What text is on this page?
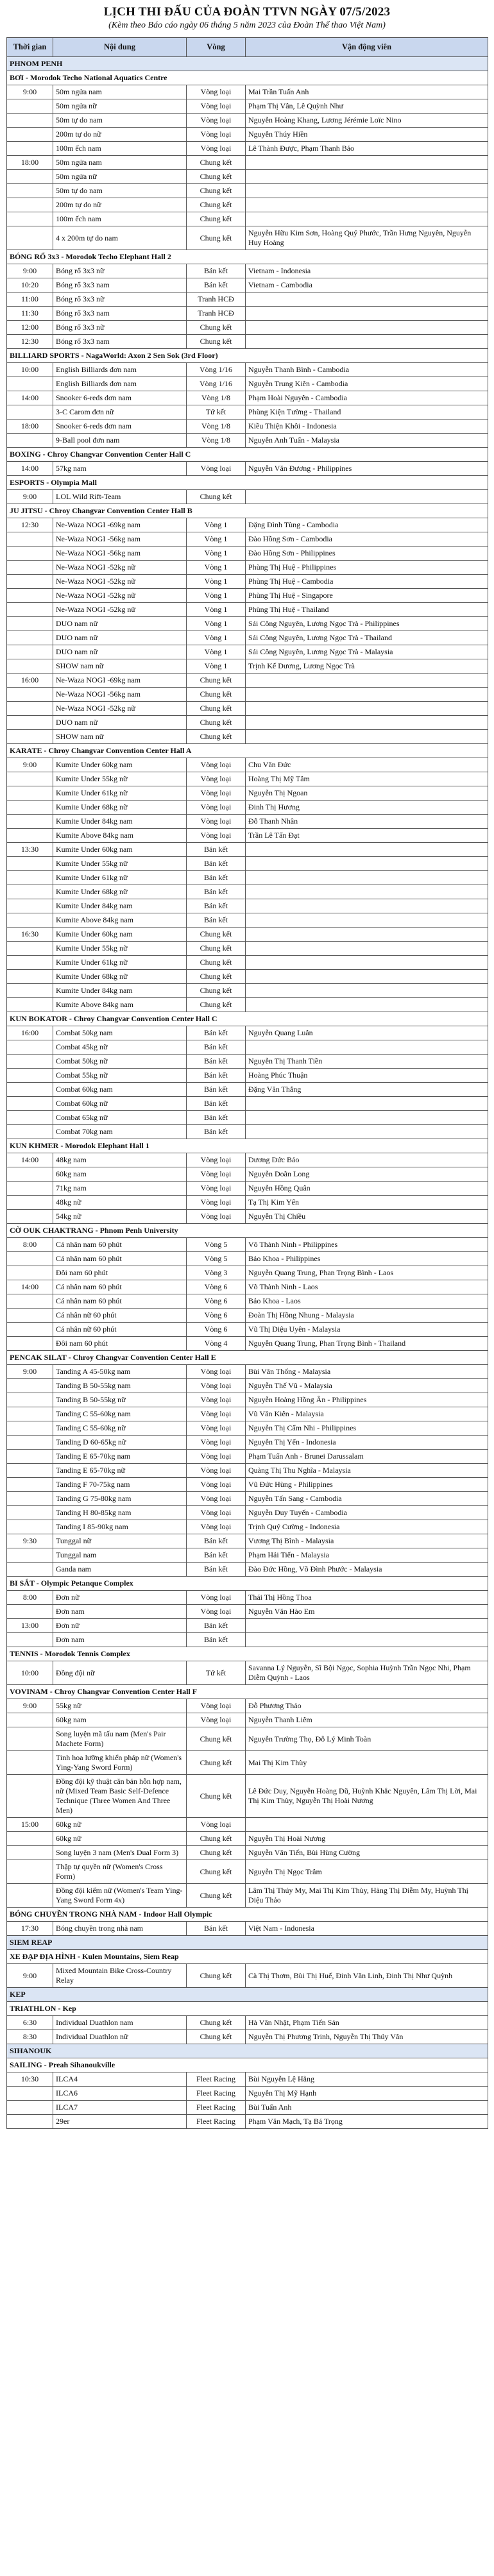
LỊCH THI ĐẤU CỦA ĐOÀN TTVN NGÀY 07/5/2023
(Kèm theo Báo cáo ngày 06 tháng 5 năm 2023 của Đoàn Thể thao Việt Nam)
Thời gian	Nội dung	Vòng	Vận động viên
PHNOM PENH			
BƠI - Morodok Techo National Aquatics Centre			
9:00	50m ngửa nam	Vòng loại	Mai Trần Tuấn Anh
	50m ngửa nữ	Vòng loại	Phạm Thị Vân, Lê Quỳnh Như
	50m tự do nam	Vòng loại	Nguyễn Hoàng Khang, Lương Jérémie Loïc Nino
	200m tự do nữ	Vòng loại	Nguyễn Thúy Hiền
	100m ếch nam	Vòng loại	Lê Thành Được, Phạm Thanh Bảo
18:00	50m ngửa nam	Chung kết	
	50m ngửa nữ	Chung kết	
	50m tự do nam	Chung kết	
	200m tự do nữ	Chung kết	
	100m ếch nam	Chung kết	
	4 x 200m tự do nam	Chung kết	Nguyễn Hữu Kim Sơn, Hoàng Quý Phước, Trần Hưng Nguyên, Nguyễn Huy Hoàng
BÓNG RỔ 3x3 - Morodok Techo Elephant Hall 2			
9:00	Bóng rổ 3x3 nữ	Bán kết	Vietnam - Indonesia
10:20	Bóng rổ 3x3 nam	Bán kết	Vietnam - Cambodia
11:00	Bóng rổ 3x3 nữ	Tranh HCĐ	
11:30	Bóng rổ 3x3 nam	Tranh HCĐ	
12:00	Bóng rổ 3x3 nữ	Chung kết	
12:30	Bóng rổ 3x3 nam	Chung kết	
BILLIARD SPORTS - NagaWorld: Axon 2 Sen Sok (3rd Floor)			
10:00	English Billiards đơn nam	Vòng 1/16	Nguyễn Thanh Bình - Cambodia
	English Billiards đơn nam	Vòng 1/16	Nguyễn Trung Kiên - Cambodia
14:00	Snooker 6-reds đơn nam	Vòng 1/8	Phạm Hoài Nguyên - Cambodia
	3-C Carom đơn nữ	Tứ kết	Phùng Kiện Tường - Thailand
18:00	Snooker 6-reds đơn nam	Vòng 1/8	Kiều Thiện Khôi - Indonesia
	9-Ball pool đơn nam	Vòng 1/8	Nguyễn Anh Tuấn - Malaysia
BOXING - Chroy Changvar Convention Center Hall C			
14:00	57kg nam	Vòng loại	Nguyễn Văn Đương - Philippines
ESPORTS - Olympia Mall			
9:00	LOL Wild Rift-Team	Chung kết	
JU JITSU - Chroy Changvar Convention Center Hall B			
12:30	Ne-Waza NOGI -69kg nam	Vòng 1	Đặng Đình Tùng - Cambodia
	Ne-Waza NOGI -56kg nam	Vòng 1	Đào Hồng Sơn - Cambodia
	Ne-Waza NOGI -56kg nam	Vòng 1	Đào Hồng Sơn - Philippines
	Ne-Waza NOGI -52kg nữ	Vòng 1	Phùng Thị Huệ - Philippines
	Ne-Waza NOGI -52kg nữ	Vòng 1	Phùng Thị Huệ - Cambodia
	Ne-Waza NOGI -52kg nữ	Vòng 1	Phùng Thị Huệ - Singapore
	Ne-Waza NOGI -52kg nữ	Vòng 1	Phùng Thị Huệ - Thailand
	DUO nam nữ	Vòng 1	Sái Công Nguyên, Lương Ngọc Trà - Philippines
	DUO nam nữ	Vòng 1	Sái Công Nguyên, Lương Ngọc Trà - Thailand
	DUO nam nữ	Vòng 1	Sái Công Nguyên, Lương Ngọc Trà - Malaysia
	SHOW nam nữ	Vòng 1	Trịnh Kế Dương, Lương Ngọc Trà
16:00	Ne-Waza NOGI -69kg nam	Chung kết	
	Ne-Waza NOGI -56kg nam	Chung kết	
	Ne-Waza NOGI -52kg nữ	Chung kết	
	DUO nam nữ	Chung kết	
	SHOW nam nữ	Chung kết	
KARATE - Chroy Changvar Convention Center Hall A			
9:00	Kumite Under 60kg nam	Vòng loại	Chu Văn Đức
	Kumite Under 55kg nữ	Vòng loại	Hoàng Thị Mỹ Tâm
	Kumite Under 61kg nữ	Vòng loại	Nguyễn Thị Ngoan
	Kumite Under 68kg nữ	Vòng loại	Đinh Thị Hương
	Kumite Under 84kg nam	Vòng loại	Đỗ Thanh Nhân
	Kumite Above 84kg nam	Vòng loại	Trần Lê Tấn Đạt
13:30	Kumite Under 60kg nam	Bán kết	
	Kumite Under 55kg nữ	Bán kết	
	Kumite Under 61kg nữ	Bán kết	
	Kumite Under 68kg nữ	Bán kết	
	Kumite Under 84kg nam	Bán kết	
	Kumite Above 84kg nam	Bán kết	
16:30	Kumite Under 60kg nam	Chung kết	
	Kumite Under 55kg nữ	Chung kết	
	Kumite Under 61kg nữ	Chung kết	
	Kumite Under 68kg nữ	Chung kết	
	Kumite Under 84kg nam	Chung kết	
	Kumite Above 84kg nam	Chung kết	
KUN BOKATOR - Chroy Changvar Convention Center Hall C			
16:00	Combat 50kg nam	Bán kết	Nguyễn Quang Luân
	Combat 45kg nữ	Bán kết	
	Combat 50kg nữ	Bán kết	Nguyễn Thị Thanh Tiền
	Combat 55kg nữ	Bán kết	Hoàng Phúc Thuận
	Combat 60kg nam	Bán kết	Đặng Văn Thắng
	Combat 60kg nữ	Bán kết	
	Combat 65kg nữ	Bán kết	
	Combat 70kg nam	Bán kết	
KUN KHMER - Morodok Elephant Hall 1			
14:00	48kg nam	Vòng loại	Dương Đức Bảo
	60kg nam	Vòng loại	Nguyễn Doãn Long
	71kg nam	Vòng loại	Nguyễn Hồng Quân
	48kg nữ	Vòng loại	Tạ Thị Kim Yến
	54kg nữ	Vòng loại	Nguyễn Thị Chiều
CỜ OUK CHAKTRANG - Phnom Penh University			
8:00	Cá nhân nam 60 phút	Vòng 5	Võ Thành Ninh - Philippines
	Cá nhân nam 60 phút	Vòng 5	Bảo Khoa - Philippines
	Đôi nam 60 phút	Vòng 3	Nguyễn Quang Trung, Phan Trọng Bình - Laos
14:00	Cá nhân nam 60 phút	Vòng 6	Võ Thành Ninh - Laos
	Cá nhân nam 60 phút	Vòng 6	Bảo Khoa - Laos
	Cá nhân nữ 60 phút	Vòng 6	Đoàn Thị Hồng Nhung - Malaysia
	Cá nhân nữ 60 phút	Vòng 6	Vũ Thị Diệu Uyên - Malaysia
	Đôi nam 60 phút	Vòng 4	Nguyễn Quang Trung, Phan Trọng Bình - Thailand
PENCAK SILAT - Chroy Changvar Convention Center Hall E			
9:00	Tanding A 45-50kg nam	Vòng loại	Bùi Văn Thống - Malaysia
	Tanding B 50-55kg nam	Vòng loại	Nguyễn Thế Vũ - Malaysia
	Tanding B 50-55kg nữ	Vòng loại	Nguyễn Hoàng Hồng Ân - Philippines
	Tanding C 55-60kg nam	Vòng loại	Vũ Văn Kiên - Malaysia
	Tanding C 55-60kg nữ	Vòng loại	Nguyễn Thị Cẩm Nhi - Philippines
	Tanding D 60-65kg nữ	Vòng loại	Nguyễn Thị Yến - Indonesia
	Tanding E 65-70kg nam	Vòng loại	Phạm Tuấn Anh - Brunei Darussalam
	Tanding E 65-70kg nữ	Vòng loại	Quàng Thị Thu Nghĩa - Malaysia
	Tanding F 70-75kg nam	Vòng loại	Vũ Đức Hùng - Philippines
	Tanding G 75-80kg nam	Vòng loại	Nguyễn Tấn Sang - Cambodia
	Tanding H 80-85kg nam	Vòng loại	Nguyễn Duy Tuyến - Cambodia
	Tanding I 85-90kg nam	Vòng loại	Trịnh Quý Cường - Indonesia
9:30	Tunggal nữ	Bán kết	Vương Thị Bình - Malaysia
	Tunggal nam	Bán kết	Phạm Hải Tiến - Malaysia
	Ganda nam	Bán kết	Đào Đức Hồng, Võ Đình Phước - Malaysia
BI SẮT - Olympic Petanque Complex			
8:00	Đơn nữ	Vòng loại	Thái Thị Hồng Thoa
	Đơn nam	Vòng loại	Nguyễn Văn Hào Em
13:00	Đơn nữ	Bán kết	
	Đơn nam	Bán kết	
TENNIS - Morodok Tennis Complex			
10:00	Đồng đội nữ	Tứ kết	Savanna Lý Nguyễn, Sĩ Bội Ngọc, Sophia Huỳnh Trần Ngọc Nhi, Phạm Diễm Quỳnh - Laos
VOVINAM - Chroy Changvar Convention Center Hall F			
9:00	55kg nữ	Vòng loại	Đỗ Phương Thảo
	60kg nam	Vòng loại	Nguyễn Thanh Liêm
	Song luyện mã tấu nam (Men's Pair Machete Form)	Chung kết	Nguyễn Trường Thọ, Đỗ Lý Minh Toàn
	Tinh hoa lưỡng khiển pháp nữ (Women's Ying-Yang Sword Form)	Chung kết	Mai Thị Kim Thùy
	Đồng đội kỹ thuật căn bản hỗn hợp nam, nữ (Mixed Team Basic Self-Defence Technique (Three Women And Three Men)	Chung kết	Lê Đức Duy, Nguyễn Hoàng Dũ, Huỳnh Khắc Nguyên, Lâm Thị Lời, Mai Thị Kim Thùy, Nguyễn Thị Hoài Nương
15:00	60kg nữ	Vòng loại	
	60kg nữ	Chung kết	Nguyễn Thị Hoài Nương
	Song luyện 3 nam (Men's Dual Form 3)	Chung kết	Nguyễn Văn Tiến, Bùi Hùng Cường
	Thập tự quyền nữ (Women's Cross Form)	Chung kết	Nguyễn Thị Ngọc Trâm
	Đồng đội kiếm nữ (Women's Team Ying-Yang Sword Form 4x)	Chung kết	Lâm Thị Thúy My, Mai Thị Kim Thùy, Hàng Thị Diễm My, Huỳnh Thị Diệu Thảo
BÓNG CHUYỀN TRONG NHÀ NAM - Indoor Hall Olympic			
17:30	Bóng chuyền trong nhà nam	Bán kết	Việt Nam - Indonesia
SIEM REAP			
XE ĐẠP ĐỊA HÌNH - Kulen Mountains, Siem Reap			
9:00	Mixed Mountain Bike Cross-Country Relay	Chung kết	Cà Thị Thơm, Bùi Thị Huế, Đinh Văn Linh, Đinh Thị Như Quỳnh
KEP			
TRIATHLON - Kep			
6:30	Individual Duathlon nam	Chung kết	Hà Văn Nhật, Phạm Tiến Sản
8:30	Individual Duathlon nữ	Chung kết	Nguyễn Thị Phương Trinh, Nguyễn Thị Thúy Vân
SIHANOUK			
SAILING - Preah Sihanoukville			
10:30	ILCA4	Fleet Racing	Bùi Nguyễn Lệ Hằng
	ILCA6	Fleet Racing	Nguyễn Thị Mỹ Hạnh
	ILCA7	Fleet Racing	Bùi Tuấn Anh
	29er	Fleet Racing	Phạm Văn Mạch, Tạ Bá Trọng
